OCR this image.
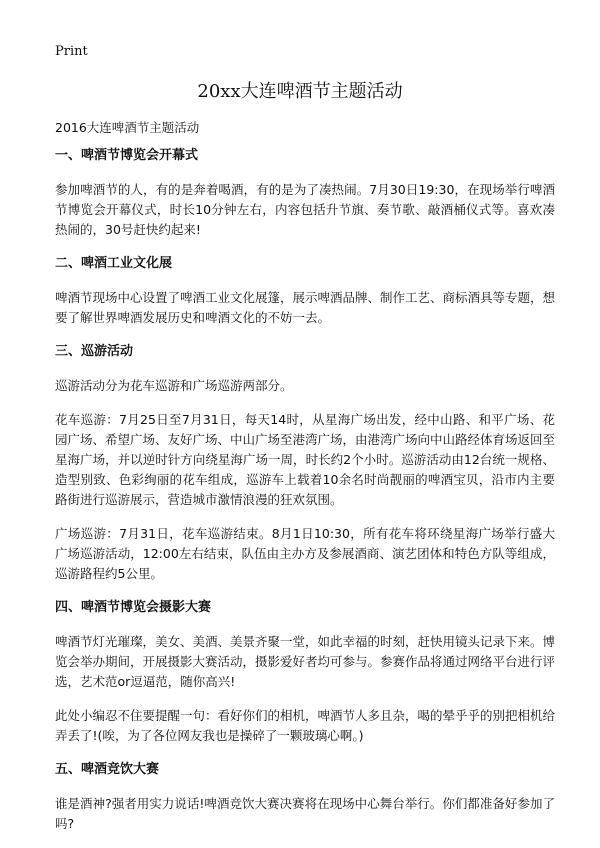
Print
20xx大连啤酒节主题活动
2016大连啤酒节主题活动
一、啤酒节博览会开幕式

参加啤酒节的人，有的是奔着喝酒，有的是为了凑热闹。7月30日19:30，在现场举行啤酒节博览会开幕仪式，时长10分钟左右，内容包括升节旗、奏节歌、敲酒桶仪式等。喜欢凑热闹的，30号赶快约起来!

二、啤酒工业文化展

啤酒节现场中心设置了啤酒工业文化展篷，展示啤酒品牌、制作工艺、商标酒具等专题，想要了解世界啤酒发展历史和啤酒文化的不妨一去。

三、巡游活动

巡游活动分为花车巡游和广场巡游两部分。

花车巡游：7月25日至7月31日，每天14时，从星海广场出发，经中山路、和平广场、花园广场、希望广场、友好广场、中山广场至港湾广场，由港湾广场向中山路经体育场返回至星海广场，并以逆时针方向绕星海广场一周，时长约2个小时。巡游活动由12台统一规格、造型别致、色彩绚丽的花车组成，巡游车上载着10余名时尚靓丽的啤酒宝贝，沿市内主要路街进行巡游展示，营造城市激情浪漫的狂欢氛围。

广场巡游：7月31日，花车巡游结束。8月1日10:30，所有花车将环绕星海广场举行盛大广场巡游活动，12:00左右结束，队伍由主办方及参展酒商、演艺团体和特色方队等组成，巡游路程约5公里。

四、啤酒节博览会摄影大赛

啤酒节灯光璀璨，美女、美酒、美景齐聚一堂，如此幸福的时刻，赶快用镜头记录下来。博览会举办期间，开展摄影大赛活动，摄影爱好者均可参与。参赛作品将通过网络平台进行评选，艺术范or逗逼范，随你高兴!

此处小编忍不住要提醒一句：看好你们的相机，啤酒节人多且杂，喝的晕乎乎的别把相机给弄丢了!(唉，为了各位网友我也是操碎了一颗玻璃心啊。)

五、啤酒竞饮大赛

谁是酒神?强者用实力说话!啤酒竞饮大赛决赛将在现场中心舞台举行。你们都准备好参加了吗?
